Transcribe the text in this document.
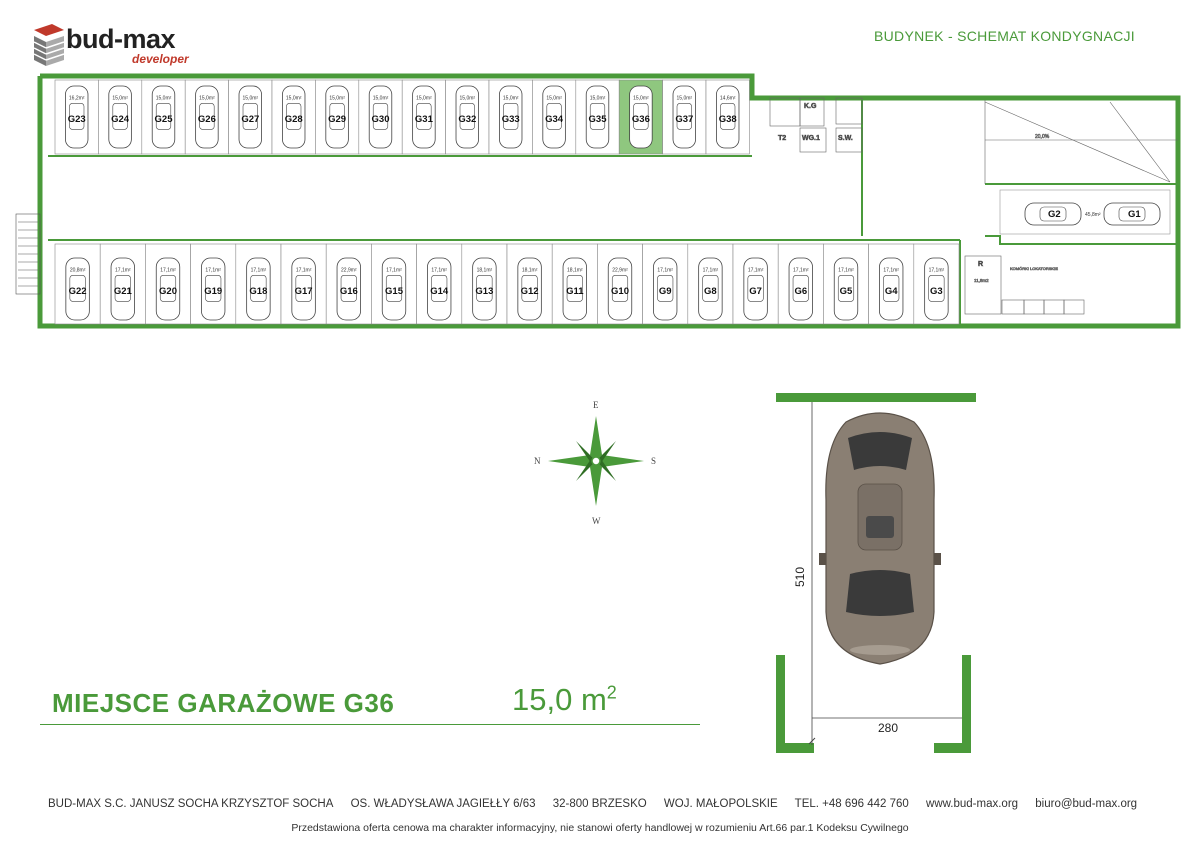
bud-max
developer
BUDYNEK - SCHEMAT KONDYGNACJI
20,0%
16,2m²
G23
15,0m²
G24
15,0m²
G25
15,0m²
G26
15,0m²
G27
15,0m²
G28
15,0m²
G29
15,0m²
G30
15,0m²
G31
15,0m²
G32
15,0m²
G33
15,0m²
G34
15,0m²
G35
15,0m²
G36
15,0m²
G37
14,6m²
G38
20,8m²
G22
17,1m²
G21
17,1m²
G20
17,1m²
G19
17,1m²
G18
17,1m²
G17
22,9m²
G16
17,1m²
G15
17,1m²
G14
18,1m²
G13
18,1m²
G12
18,1m²
G11
22,9m²
G10
17,1m²
G9
17,1m²
G8
17,1m²
G7
17,1m²
G6
17,1m²
G5
17,1m²
G4
17,1m²
G3
G2	G1
45,8m²
T2
K.G
WG.1	S.W.
R
11,8m2
KOMÓRKI LOKATORSKIE
E
W
N	S
510
280
MIEJSCE GARAŻOWE G36	15,0 $m^2$
BUD-MAX S.C. JANUSZ SOCHA KRZYSZTOF SOCHA OS. WŁADYSŁAWA JAGIEŁŁY 6/63 32-800 BRZESKO WOJ. MAŁOPOLSKIE TEL. +48 696 442 760 www.bud-max.org biuro@bud-max.org
Przedstawiona oferta cenowa ma charakter informacyjny, nie stanowi oferty handlowej w rozumieniu Art.66 par.1 Kodeksu Cywilnego
